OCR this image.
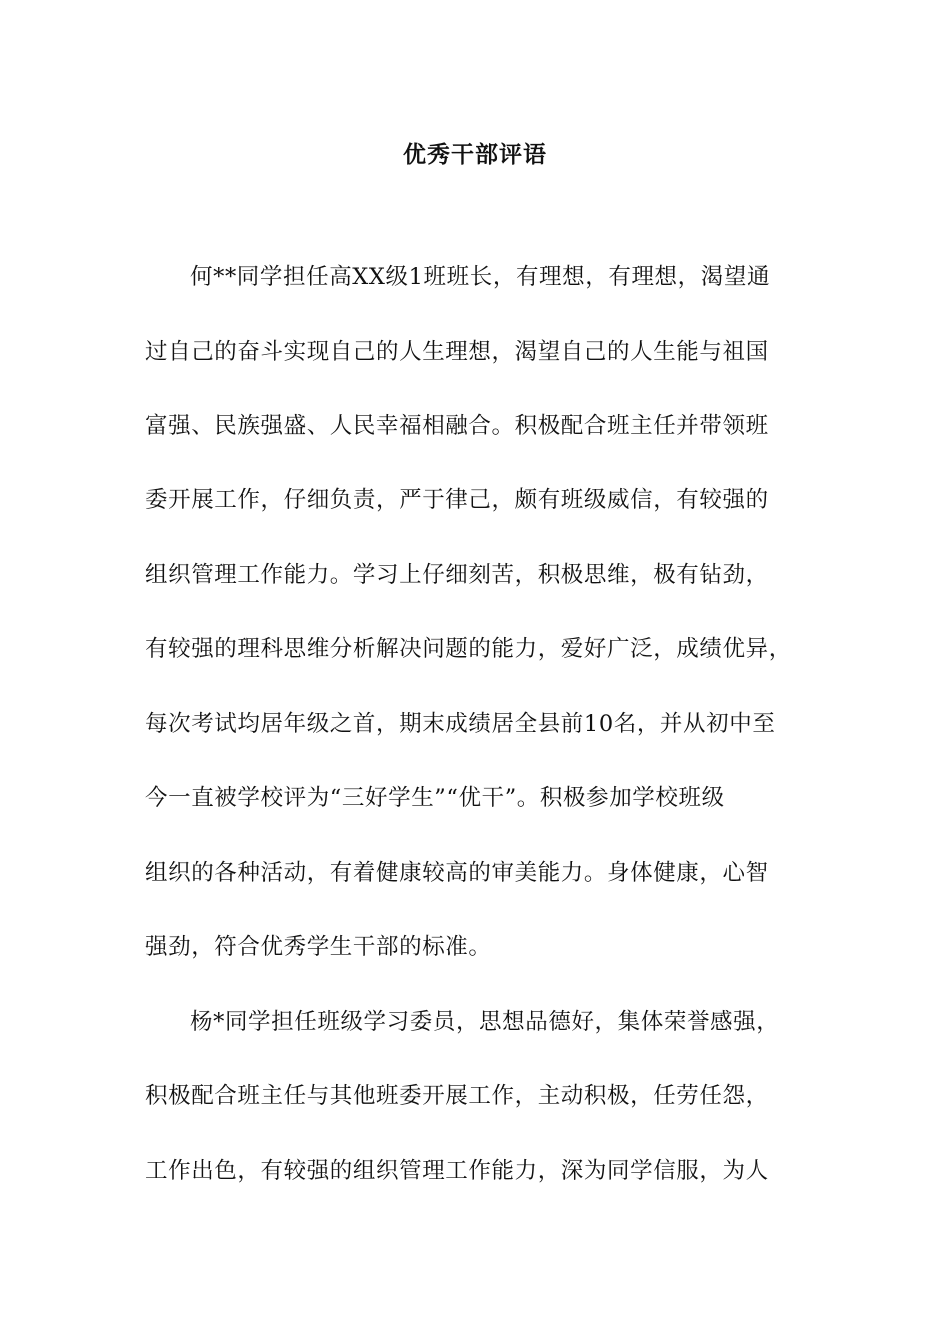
优秀干部评语
何**同学担任高XX级1班班长，有理想，有理想，渴望通
过自己的奋斗实现自己的人生理想，渴望自己的人生能与祖国
富强、民族强盛、人民幸福相融合。积极配合班主任并带领班
委开展工作，仔细负责，严于律己，颇有班级威信，有较强的
组织管理工作能力。学习上仔细刻苦，积极思维，极有钻劲，
有较强的理科思维分析解决问题的能力，爱好广泛，成绩优异，
每次考试均居年级之首，期末成绩居全县前10名，并从初中至
今一直被学校评为“三好学生”“优干”。积极参加学校班级
组织的各种活动，有着健康较高的审美能力。身体健康，心智
强劲，符合优秀学生干部的标准。
杨*同学担任班级学习委员，思想品德好，集体荣誉感强，
积极配合班主任与其他班委开展工作，主动积极，任劳任怨，
工作出色，有较强的组织管理工作能力，深为同学信服，为人
